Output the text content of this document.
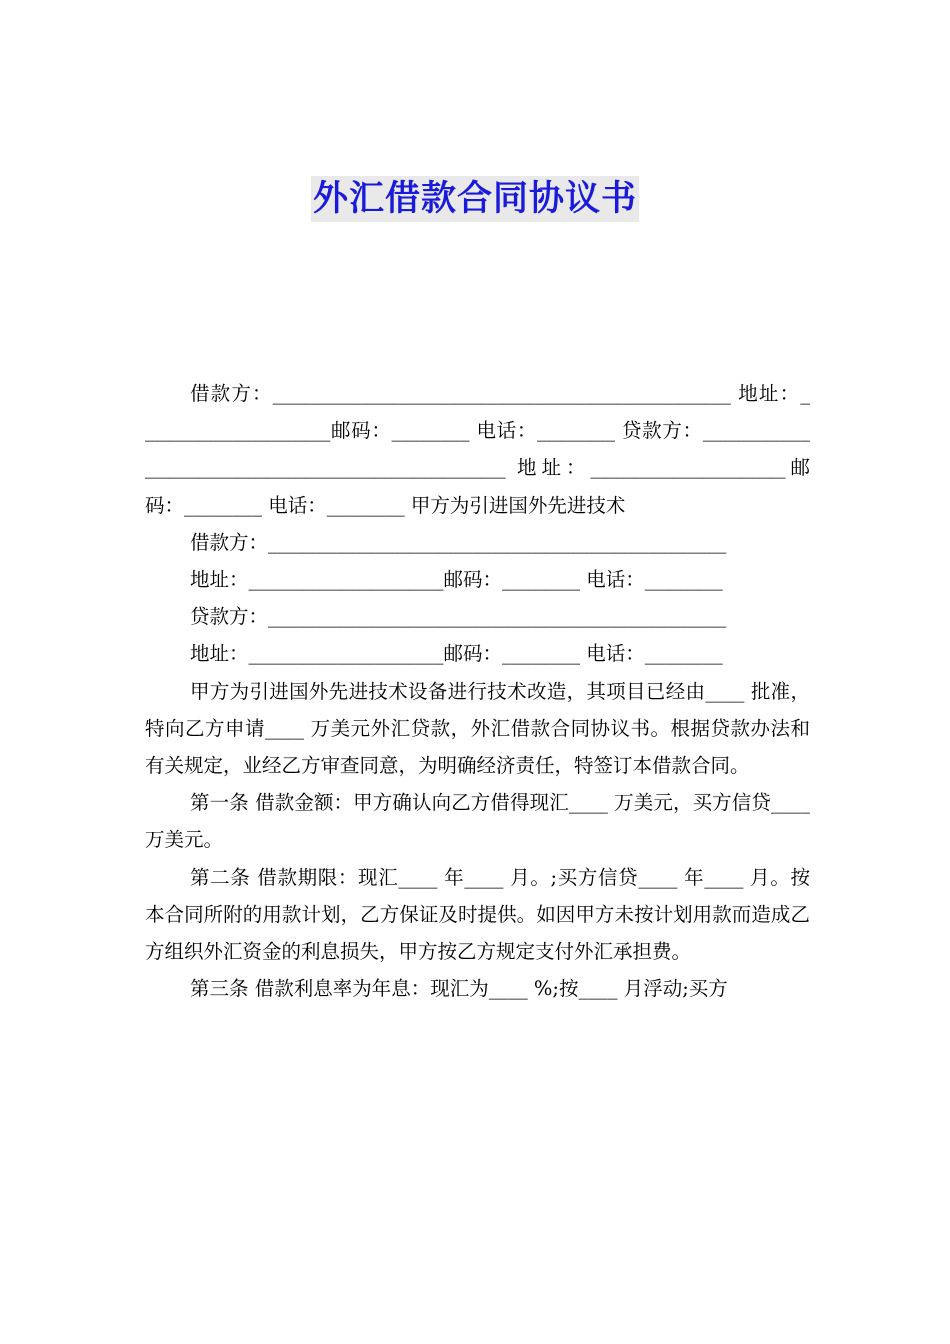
外汇借款合同协议书

借款方：_______________________________________________ 地址：____________________邮码：________ 电话：________ 贷款方：________________________________________________ 地址：____________________邮码：________ 电话：________ 甲方为引进国外先进技术

借款方：_______________________________________________

地址：____________________邮码：________ 电话：________

贷款方：_______________________________________________

地址：____________________邮码：________ 电话：________

甲方为引进国外先进技术设备进行技术改造，其项目已经由____ 批准，特向乙方申请____ 万美元外汇贷款，外汇借款合同协议书。根据贷款办法和有关规定，业经乙方审查同意，为明确经济责任，特签订本借款合同。

第一条 借款金额：甲方确认向乙方借得现汇____ 万美元，买方信贷____ 万美元。

第二条 借款期限：现汇____ 年____ 月。;买方信贷____ 年____ 月。按本合同所附的用款计划，乙方保证及时提供。如因甲方未按计划用款而造成乙方组织外汇资金的利息损失，甲方按乙方规定支付外汇承担费。

第三条 借款利息率为年息：现汇为____ %;按____ 月浮动;买方
